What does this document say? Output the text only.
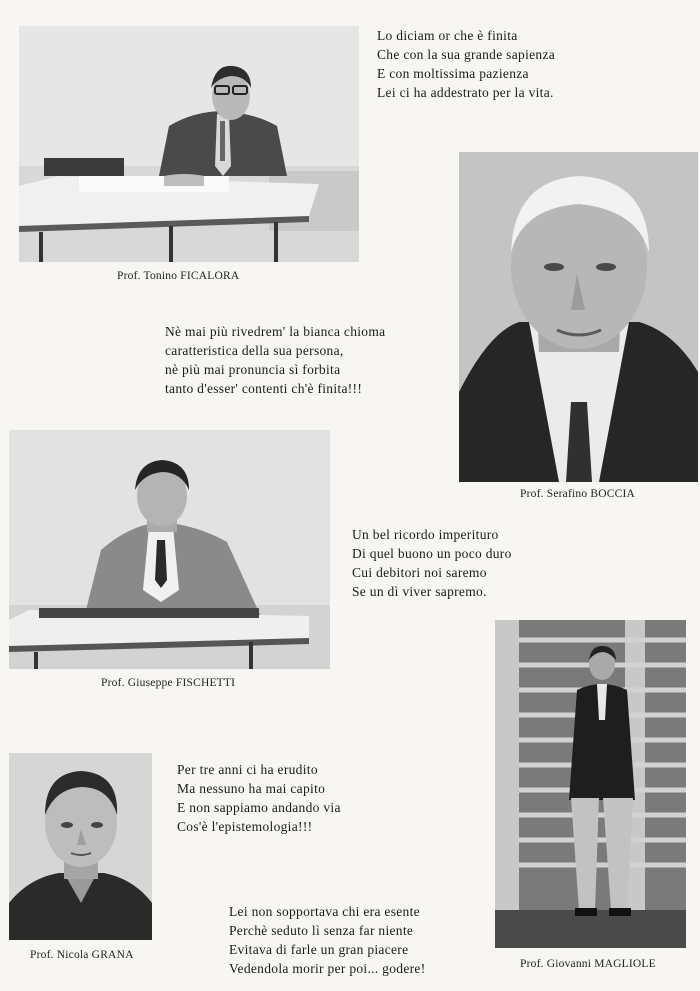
Prof. Tonino FICALORA

Lo diciam or che è finita
Che con la sua grande sapienza
E con moltissima pazienza
Lei ci ha addestrato per la vita.

Prof. Serafino BOCCIA

Nè mai più rivedrem' la bianca chioma
caratteristica della sua persona,
nè più mai pronuncia sì forbita
tanto d'esser' contenti ch'è finita!!!

Prof. Giuseppe FISCHETTI

Un bel ricordo imperituro
Di quel buono un poco duro
Cui debitori noi saremo
Se un dì viver sapremo.

Prof. Giovanni MAGLIOLE

Prof. Nicola GRANA

Per tre anni ci ha erudito
Ma nessuno ha mai capito
E non sappiamo andando via
Cos'è l'epistemologia!!!
Lei non sopportava chi era esente
Perchè seduto lì senza far niente
Evitava di farle un gran piacere
Vedendola morir per poi... godere!
